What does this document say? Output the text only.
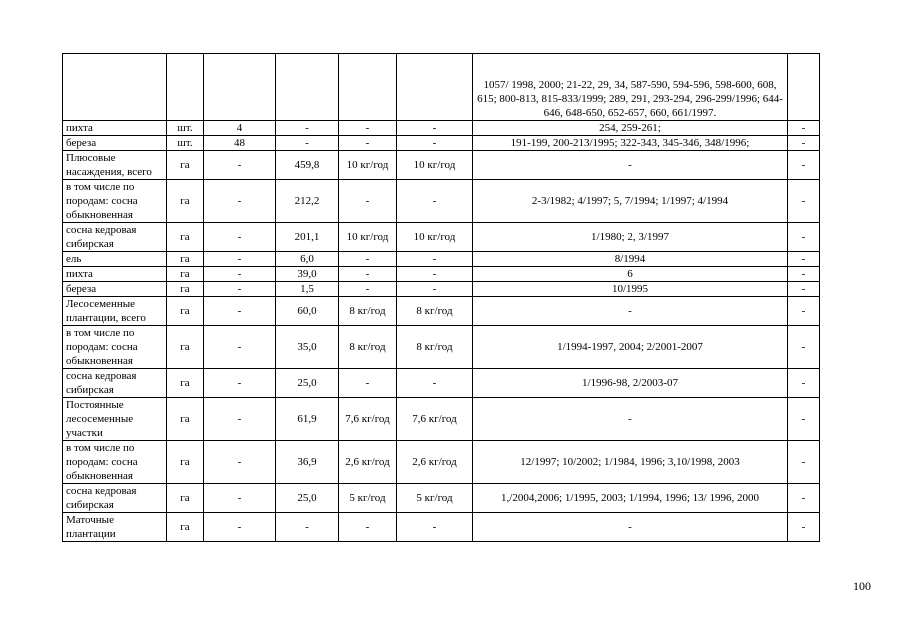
						1057/ 1998, 2000; 21-22, 29, 34, 587-590, 594-596, 598-600, 608, 615; 800-813, 815-833/1999; 289, 291, 293-294, 296-299/1996; 644-646, 648-650, 652-657, 660, 661/1997.	
пихта	шт.	4	-	-	-	254, 259-261;	-
береза	шт.	48	-	-	-	191-199, 200-213/1995; 322-343, 345-346, 348/1996;	-
Плюсовые насаждения, всего	га	-	459,8	10 кг/год	10 кг/год	-	-
в том числе по породам: сосна обыкновенная	га	-	212,2	-	-	2-3/1982; 4/1997; 5, 7/1994; 1/1997; 4/1994	-
сосна кедровая сибирская	га	-	201,1	10 кг/год	10 кг/год	1/1980; 2, 3/1997	-
ель	га	-	6,0	-	-	8/1994	-
пихта	га	-	39,0	-	-	6	-
береза	га	-	1,5	-	-	10/1995	-
Лесосеменные плантации, всего	га	-	60,0	8 кг/год	8 кг/год	-	-
в том числе по породам: сосна обыкновенная	га	-	35,0	8 кг/год	8 кг/год	1/1994-1997, 2004; 2/2001-2007	-
сосна кедровая сибирская	га	-	25,0	-	-	1/1996-98, 2/2003-07	-
Постоянные лесосеменные участки	га	-	61,9	7,6 кг/год	7,6 кг/год	-	-
в том числе по породам: сосна обыкновенная	га	-	36,9	2,6 кг/год	2,6 кг/год	12/1997; 10/2002; 1/1984, 1996; 3,10/1998, 2003	-
сосна кедровая сибирская	га	-	25,0	5 кг/год	5 кг/год	1,/2004,2006; 1/1995, 2003; 1/1994, 1996; 13/ 1996, 2000	-
Маточные плантации	га	-	-	-	-	-	-
100
